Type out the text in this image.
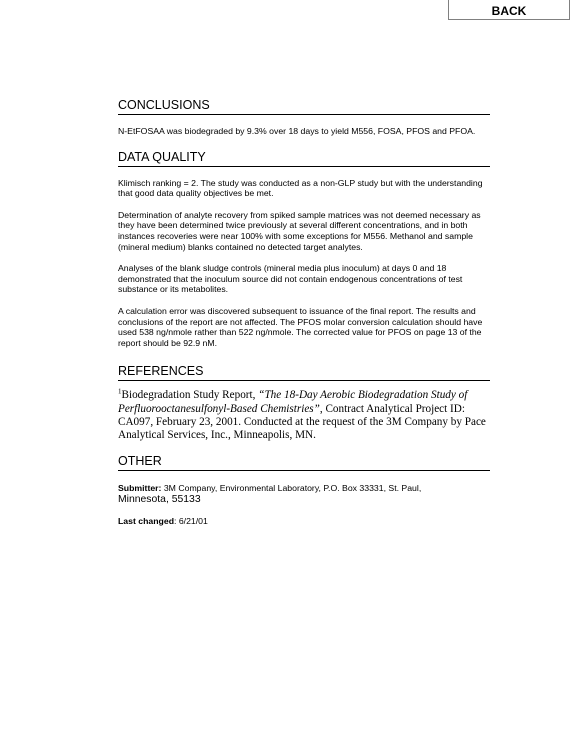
BACK
CONCLUSIONS

N-EtFOSAA was biodegraded by 9.3% over 18 days to yield M556, FOSA, PFOS and PFOA.

DATA QUALITY

Klimisch ranking = 2. The study was conducted as a non-GLP study but with the understanding that good data quality objectives be met.

Determination of analyte recovery from spiked sample matrices was not deemed necessary as they have been determined twice previously at several different concentrations, and in both instances recoveries were near 100% with some exceptions for M556. Methanol and sample (mineral medium) blanks contained no detected target analytes.

Analyses of the blank sludge controls (mineral media plus inoculum) at days 0 and 18 demonstrated that the inoculum source did not contain endogenous concentrations of test substance or its metabolites.

A calculation error was discovered subsequent to issuance of the final report. The results and conclusions of the report are not affected. The PFOS molar conversion calculation should have used 538 ng/nmole rather than 522 ng/nmole. The corrected value for PFOS on page 13 of the report should be 92.9 nM.

REFERENCES

$^1$Biodegradation Study Report, “The 18-Day Aerobic Biodegradation Study of Perfluorooctanesulfonyl-Based Chemistries”, Contract Analytical Project ID: CA097, February 23, 2001. Conducted at the request of the 3M Company by Pace Analytical Services, Inc., Minneapolis, MN.

OTHER

Submitter: 3M Company, Environmental Laboratory, P.O. Box 33331, St. Paul,
Minnesota, 55133

Last changed: 6/21/01
